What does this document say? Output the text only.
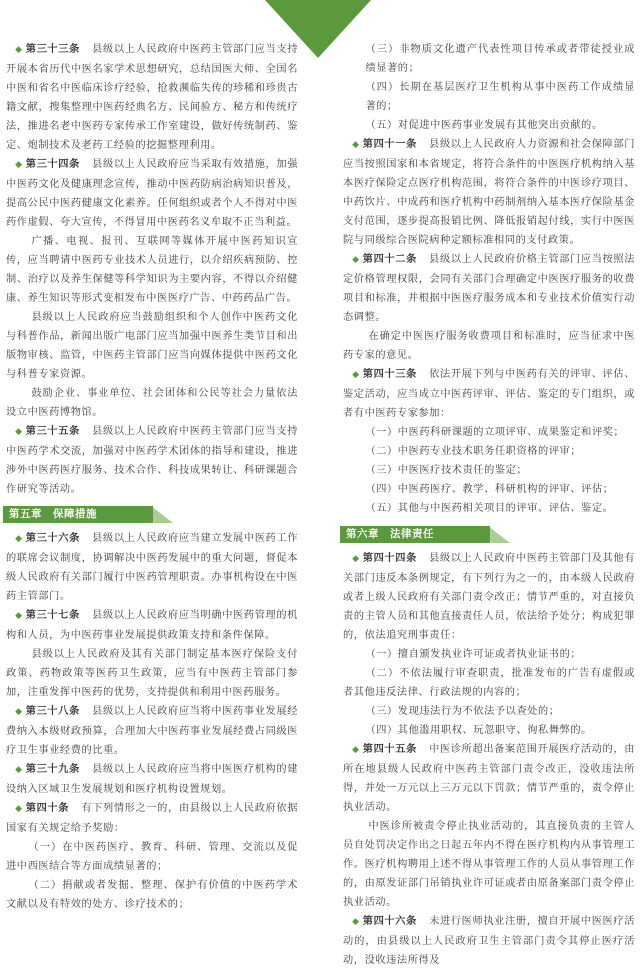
◆ 第三十三条 县级以上人民政府中医药主管部门应当支持开展本省历代中医名家学术思想研究，总结国医大师、全国名中医和省名中医临床诊疗经验，抢救濒临失传的珍稀和珍贵古籍文献，搜集整理中医药经典名方、民间验方、秘方和传统疗法，推进名老中医药专家传承工作室建设，做好传统制药、鉴定、炮制技术及老药工经验的挖掘整理利用。

◆ 第三十四条 县级以上人民政府应当采取有效措施，加强中医药文化及健康理念宣传，推动中医药防病治病知识普及，提高公民中医药健康文化素养。任何组织或者个人不得对中医药作虚假、夸大宣传，不得冒用中医药名义牟取不正当利益。

广播、电视、报刊、互联网等媒体开展中医药知识宣传，应当聘请中医药专业技术人员进行，以介绍疾病预防、控制、治疗以及养生保健等科学知识为主要内容，不得以介绍健康、养生知识等形式变相发布中医医疗广告、中药药品广告。

县级以上人民政府应当鼓励组织和个人创作中医药文化与科普作品，新闻出版广电部门应当加强中医养生类节目和出版物审核、监管，中医药主管部门应当向媒体提供中医药文化与科普专家资源。

鼓励企业、事业单位、社会团体和公民等社会力量依法设立中医药博物馆。

◆ 第三十五条 县级以上人民政府中医药主管部门应当支持中医药学术交流，加强对中医药学术团体的指导和建设，推进涉外中医药医疗服务、技术合作、科技成果转让、科研课题合作研究等活动。

第五章　保障措施

◆ 第三十六条 县级以上人民政府应当建立发展中医药工作的联席会议制度，协调解决中医药发展中的重大问题，督促本级人民政府有关部门履行中医药管理职责。办事机构设在中医药主管部门。

◆ 第三十七条 县级以上人民政府应当明确中医药管理的机构和人员，为中医药事业发展提供政策支持和条件保障。

县级以上人民政府及其有关部门制定基本医疗保险支付政策、药物政策等医药卫生政策，应当有中医药主管部门参加，注重发挥中医药的优势，支持提供和利用中医药服务。

◆ 第三十八条 县级以上人民政府应当将中医药事业发展经费纳入本级财政预算，合理加大中医药事业发展经费占同级医疗卫生事业经费的比重。

◆ 第三十九条 县级以上人民政府应当将中医医疗机构的建设纳入区域卫生发展规划和医疗机构设置规划。

◆ 第四十条 有下列情形之一的，由县级以上人民政府依据国家有关规定给予奖励：

（一）在中医药医疗、教育、科研、管理、交流以及促进中西医结合等方面成绩显著的；

（二）捐献或者发掘、整理、保护有价值的中医药学术文献以及有特效的处方、诊疗技术的；

（三）非物质文化遗产代表性项目传承或者带徒授业成绩显著的；

（四）长期在基层医疗卫生机构从事中医药工作成绩显著的；

（五）对促进中医药事业发展有其他突出贡献的。

◆ 第四十一条 县级以上人民政府人力资源和社会保障部门应当按照国家和本省规定，将符合条件的中医医疗机构纳入基本医疗保险定点医疗机构范围，将符合条件的中医诊疗项目、中药饮片、中成药和医疗机构中药制剂纳入基本医疗保险基金支付范围，逐步提高报销比例、降低报销起付线，实行中医医院与同级综合医院病种定额标准相同的支付政策。

◆ 第四十二条 县级以上人民政府价格主管部门应当按照法定价格管理权限，会同有关部门合理确定中医医疗服务的收费项目和标准，并根据中医医疗服务成本和专业技术价值实行动态调整。

在确定中医医疗服务收费项目和标准时，应当征求中医药专家的意见。

◆ 第四十三条 依法开展下列与中医药有关的评审、评估、鉴定活动，应当成立中医药评审、评估、鉴定的专门组织，或者有中医药专家参加：

（一）中医药科研课题的立项评审、成果鉴定和评奖；

（二）中医药专业技术职务任职资格的评审；

（三）中医医疗技术责任的鉴定；

（四）中医药医疗、教学、科研机构的评审、评估；

（五）其他与中医药相关项目的评审、评估、鉴定。

第六章　法律责任

◆ 第四十四条 县级以上人民政府中医药主管部门及其他有关部门违反本条例规定，有下列行为之一的，由本级人民政府或者上级人民政府有关部门责令改正；情节严重的，对直接负责的主管人员和其他直接责任人员，依法给予处分；构成犯罪的，依法追究刑事责任：

（一）擅自颁发执业许可证或者执业证书的；

（二）不依法履行审查职责，批准发布的广告有虚假或者其他违反法律、行政法规的内容的；

（三）发现违法行为不依法予以查处的；

（四）其他滥用职权、玩忽职守、徇私舞弊的。

◆ 第四十五条 中医诊所超出备案范围开展医疗活动的，由所在地县级人民政府中医药主管部门责令改正，没收违法所得，并处一万元以上三万元以下罚款；情节严重的，责令停止执业活动。

中医诊所被责令停止执业活动的，其直接负责的主管人员自处罚决定作出之日起五年内不得在医疗机构内从事管理工作。医疗机构聘用上述不得从事管理工作的人员从事管理工作的，由原发证部门吊销执业许可证或者由原备案部门责令停止执业活动。

◆ 第四十六条 未进行医师执业注册，擅自开展中医医疗活动的，由县级以上人民政府卫生主管部门责令其停止医疗活动，没收违法所得及
